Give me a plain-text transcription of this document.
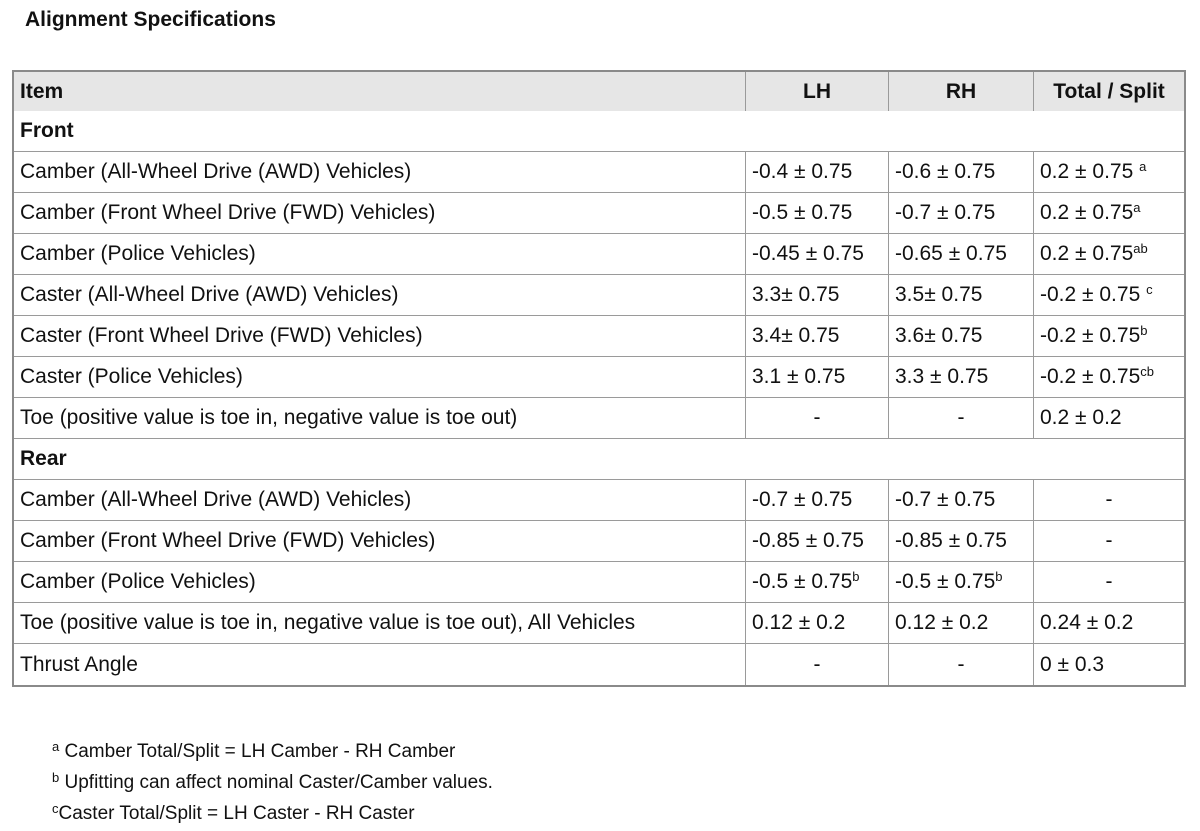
Alignment Specifications
Item	LH	RH	Total / Split
Front			
Camber (All-Wheel Drive (AWD) Vehicles)	-0.4 ± 0.75	-0.6 ± 0.75	0.2 ± 0.75 $^a$
Camber (Front Wheel Drive (FWD) Vehicles)	-0.5 ± 0.75	-0.7 ± 0.75	0.2 ± 0.75$^a$
Camber (Police Vehicles)	-0.45 ± 0.75	-0.65 ± 0.75	0.2 ± 0.75$^{ab}$
Caster (All-Wheel Drive (AWD) Vehicles)	3.3± 0.75	3.5± 0.75	-0.2 ± 0.75 $^c$
Caster (Front Wheel Drive (FWD) Vehicles)	3.4± 0.75	3.6± 0.75	-0.2 ± 0.75$^b$
Caster (Police Vehicles)	3.1 ± 0.75	3.3 ± 0.75	-0.2 ± 0.75$^{cb}$
Toe (positive value is toe in, negative value is toe out)	-	-	0.2 ± 0.2
Rear			
Camber (All-Wheel Drive (AWD) Vehicles)	-0.7 ± 0.75	-0.7 ± 0.75	-
Camber (Front Wheel Drive (FWD) Vehicles)	-0.85 ± 0.75	-0.85 ± 0.75	-
Camber (Police Vehicles)	-0.5 ± 0.75$^b$	-0.5 ± 0.75$^b$	-
Toe (positive value is toe in, negative value is toe out), All Vehicles	0.12 ± 0.2	0.12 ± 0.2	0.24 ± 0.2
Thrust Angle	-	-	0 ± 0.3
$^a$ Camber Total/Split = LH Camber - RH Camber
$^b$ Upfitting can affect nominal Caster/Camber values.
$^c$Caster Total/Split = LH Caster - RH Caster
